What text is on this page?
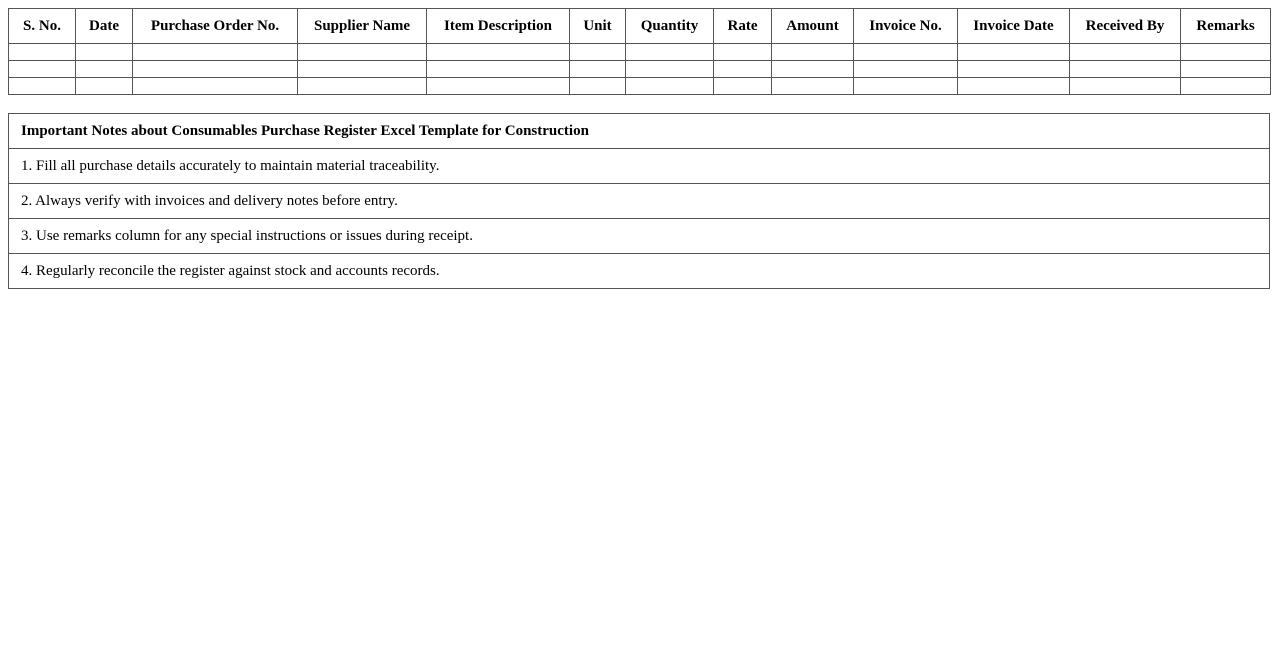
S. No.	Date	Purchase Order No.	Supplier Name	Item Description	Unit	Quantity	Rate	Amount	Invoice No.	Invoice Date	Received By	Remarks

Important Notes about Consumables Purchase Register Excel Template for Construction
1. Fill all purchase details accurately to maintain material traceability.
2. Always verify with invoices and delivery notes before entry.
3. Use remarks column for any special instructions or issues during receipt.
4. Regularly reconcile the register against stock and accounts records.
